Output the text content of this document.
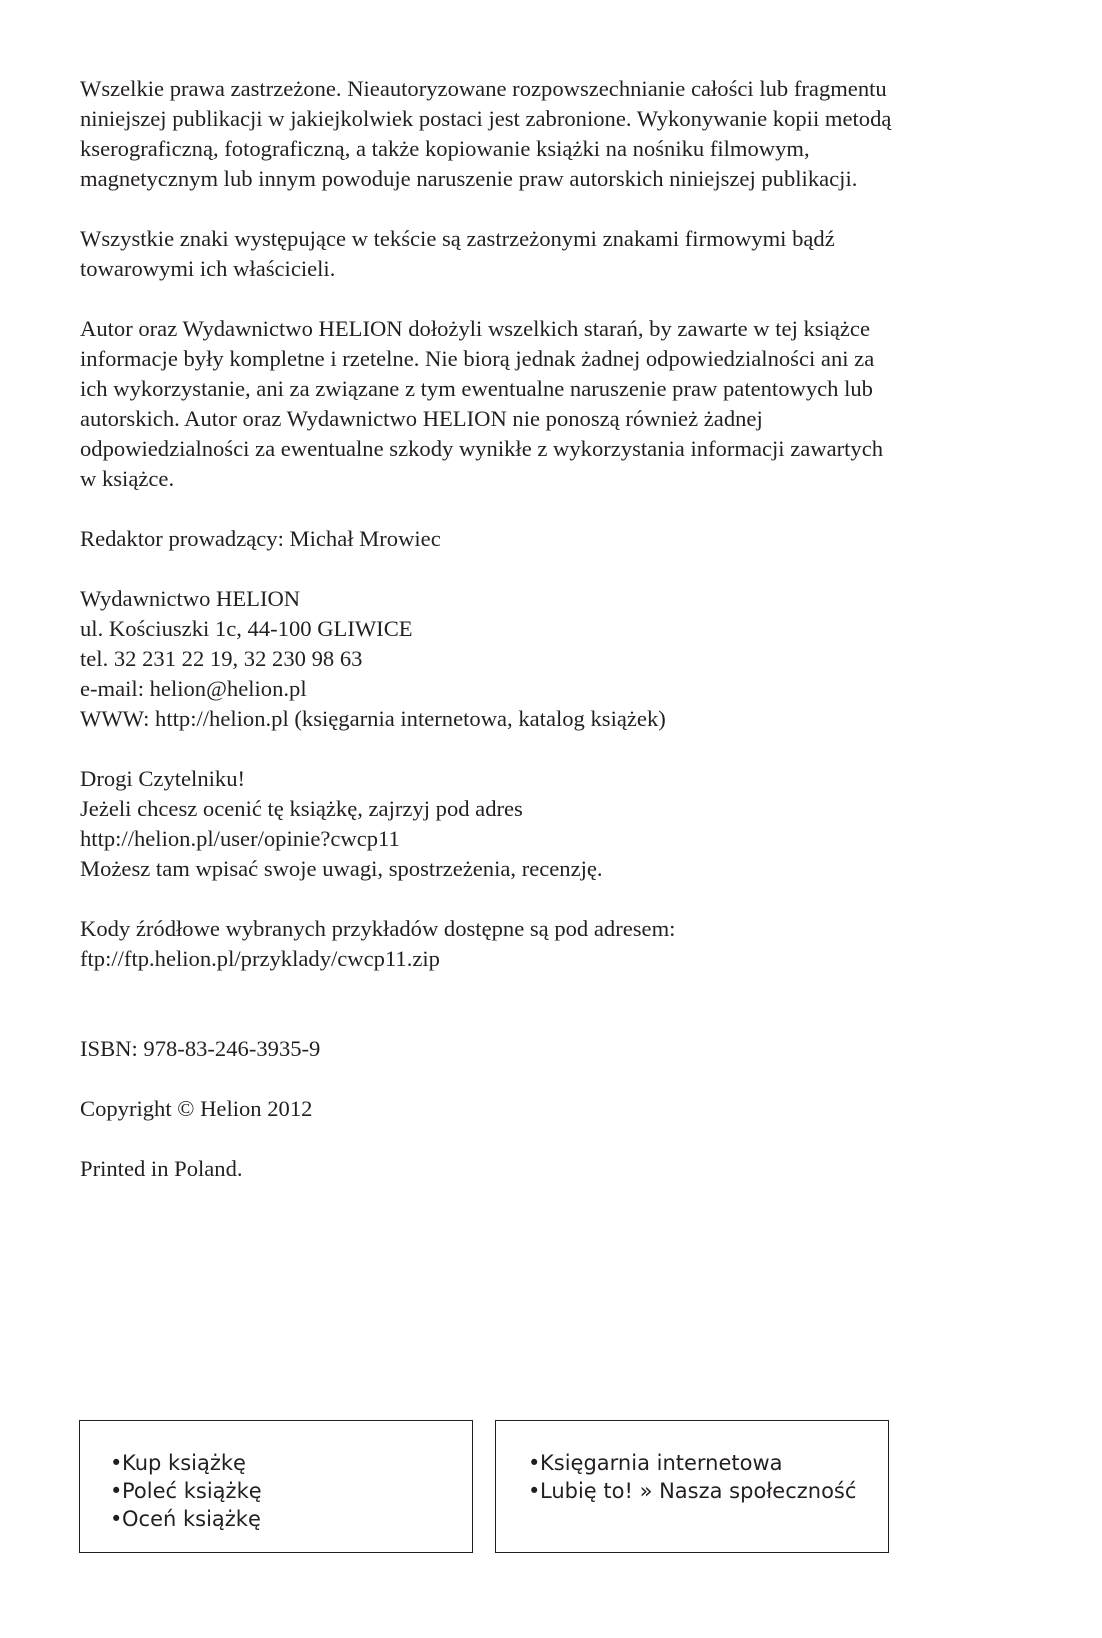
Wszelkie prawa zastrzeżone. Nieautoryzowane rozpowszechnianie całości lub fragmentu
niniejszej publikacji w jakiejkolwiek postaci jest zabronione. Wykonywanie kopii metodą
kserograficzną, fotograficzną, a także kopiowanie książki na nośniku filmowym,
magnetycznym lub innym powoduje naruszenie praw autorskich niniejszej publikacji.

Wszystkie znaki występujące w tekście są zastrzeżonymi znakami firmowymi bądź
towarowymi ich właścicieli.

Autor oraz Wydawnictwo HELION dołożyli wszelkich starań, by zawarte w tej książce
informacje były kompletne i rzetelne. Nie biorą jednak żadnej odpowiedzialności ani za
ich wykorzystanie, ani za związane z tym ewentualne naruszenie praw patentowych lub
autorskich. Autor oraz Wydawnictwo HELION nie ponoszą również żadnej
odpowiedzialności za ewentualne szkody wynikłe z wykorzystania informacji zawartych
w książce.

Redaktor prowadzący: Michał Mrowiec

Wydawnictwo HELION
ul. Kościuszki 1c, 44-100 GLIWICE
tel. 32 231 22 19, 32 230 98 63
e-mail: helion@helion.pl
WWW: http://helion.pl (księgarnia internetowa, katalog książek)

Drogi Czytelniku!
Jeżeli chcesz ocenić tę książkę, zajrzyj pod adres
http://helion.pl/user/opinie?cwcp11
Możesz tam wpisać swoje uwagi, spostrzeżenia, recenzję.

Kody źródłowe wybranych przykładów dostępne są pod adresem:
ftp://ftp.helion.pl/przyklady/cwcp11.zip

ISBN: 978-83-246-3935-9

Copyright © Helion 2012

Printed in Poland.

•Kup książkę
•Poleć książkę
•Oceń książkę
•Księgarnia internetowa
•Lubię to! » Nasza społeczność
